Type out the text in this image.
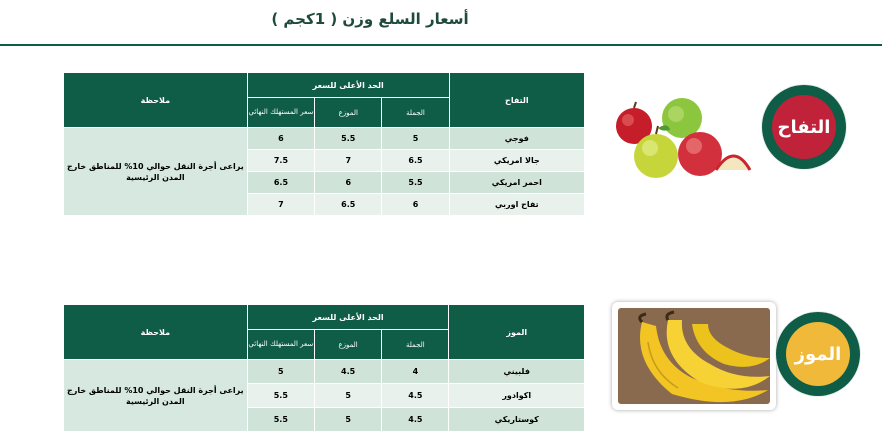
أسعار السلع وزن ( 1كجم )
التفاح	الحد الأعلى للسعر			ملاحظة
	الجملة	الموزع	سعر المستهلك النهائي	
فوجي	5	5.5	6	يراعى أجرة النقل حوالي 10% للمناطق خارج المدن الرئيسية
جالا امريكي	6.5	7	7.5	
احمر امريكي	5.5	6	6.5	
تفاح اوربي	6	6.5	7	
الموز	الحد الأعلى للسعر			ملاحظة
	الجملة	الموزع	سعر المستهلك النهائي	
فلبيني	4	4.5	5	يراعى أجرة النقل حوالي 10% للمناطق خارج المدن الرئيسية
اكوادور	4.5	5	5.5	
كوستاريكي	4.5	5	5.5	
التفاح
الموز
